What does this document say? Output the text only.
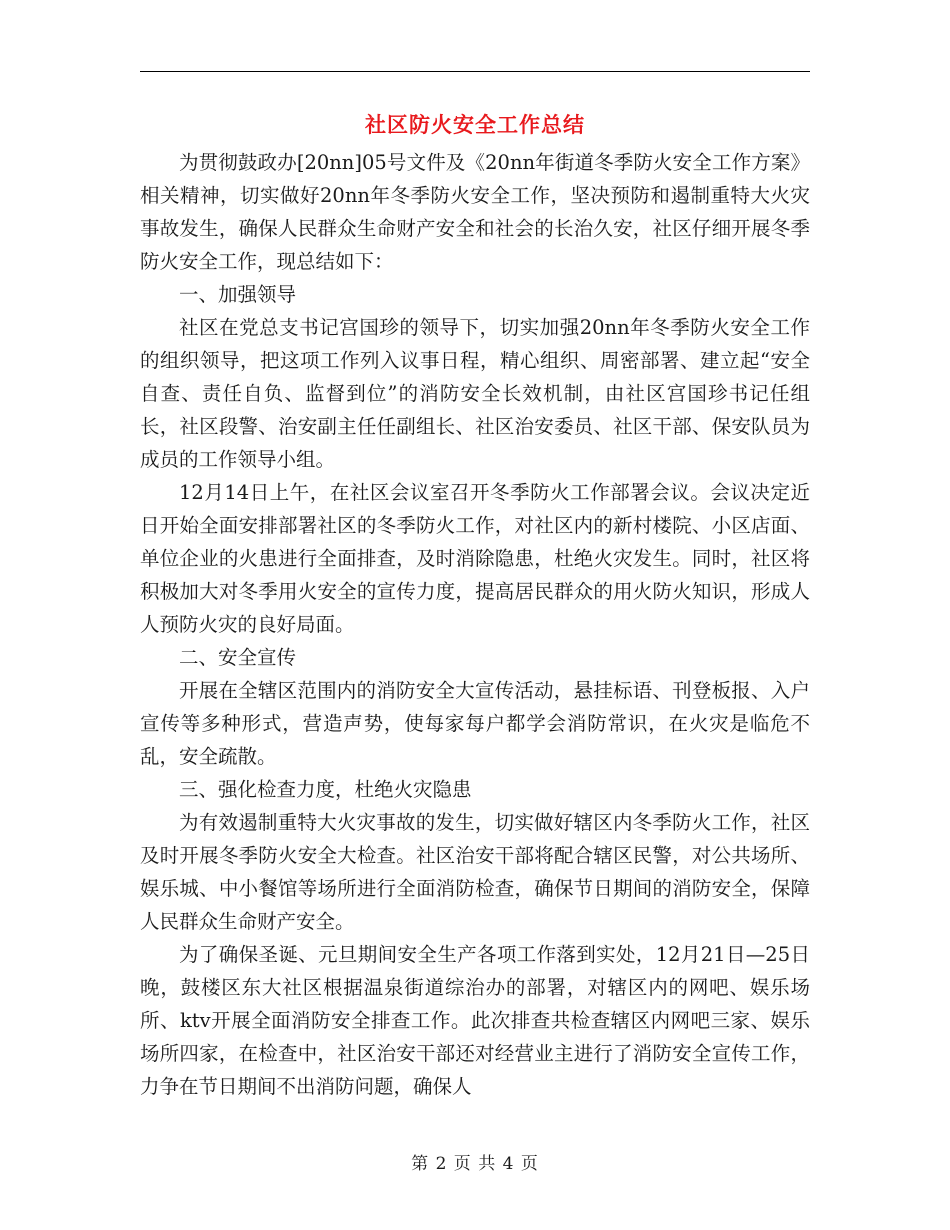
社区防火安全工作总结

为贯彻鼓政办[20nn]05号文件及《20nn年街道冬季防火安全工作方案》相关精神，切实做好20nn年冬季防火安全工作，坚决预防和遏制重特大火灾事故发生，确保人民群众生命财产安全和社会的长治久安，社区仔细开展冬季防火安全工作，现总结如下：

一、加强领导

社区在党总支书记宫国珍的领导下，切实加强20nn年冬季防火安全工作的组织领导，把这项工作列入议事日程，精心组织、周密部署、建立起“安全自查、责任自负、监督到位”的消防安全长效机制，由社区宫国珍书记任组长，社区段警、治安副主任任副组长、社区治安委员、社区干部、保安队员为成员的工作领导小组。

12月14日上午，在社区会议室召开冬季防火工作部署会议。会议决定近日开始全面安排部署社区的冬季防火工作，对社区内的新村楼院、小区店面、单位企业的火患进行全面排查，及时消除隐患，杜绝火灾发生。同时，社区将积极加大对冬季用火安全的宣传力度，提高居民群众的用火防火知识，形成人人预防火灾的良好局面。

二、安全宣传

开展在全辖区范围内的消防安全大宣传活动，悬挂标语、刊登板报、入户宣传等多种形式，营造声势，使每家每户都学会消防常识，在火灾是临危不乱，安全疏散。

三、强化检查力度，杜绝火灾隐患

为有效遏制重特大火灾事故的发生，切实做好辖区内冬季防火工作，社区及时开展冬季防火安全大检查。社区治安干部将配合辖区民警，对公共场所、娱乐城、中小餐馆等场所进行全面消防检查，确保节日期间的消防安全，保障人民群众生命财产安全。

为了确保圣诞、元旦期间安全生产各项工作落到实处，12月21日—25日晚，鼓楼区东大社区根据温泉街道综治办的部署，对辖区内的网吧、娱乐场所、ktv开展全面消防安全排查工作。此次排查共检查辖区内网吧三家、娱乐场所四家，在检查中，社区治安干部还对经营业主进行了消防安全宣传工作，力争在节日期间不出消防问题，确保人

第 2 页 共 4 页
